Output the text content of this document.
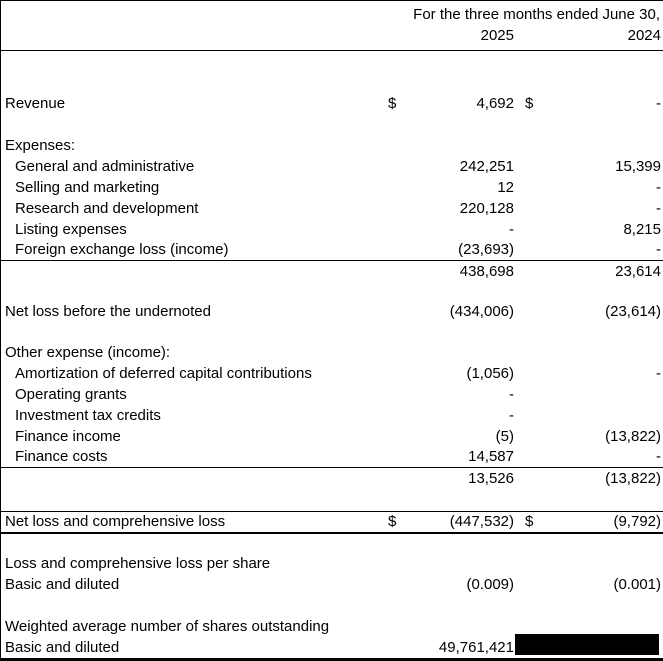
For the three months ended June 30,
2025	2024
Revenue	$	4,692 $	-
Expenses:
General and administrative	242,251	15,399
Selling and marketing	12	-
Research and development	220,128	-
Listing expenses	-	8,215
Foreign exchange loss (income)	(23,693)	-
438,698	23,614
Net loss before the undernoted	(434,006)	(23,614)
Other expense (income):
Amortization of deferred capital contributions	(1,056)	-
Operating grants	-
Investment tax credits	-
Finance income	(5)	(13,822)
Finance costs	14,587	-
13,526	(13,822)
Net loss and comprehensive loss	$	(447,532) $	(9,792)
Loss and comprehensive loss per share
Basic and diluted	(0.009)	(0.001)
Weighted average number of shares outstanding
Basic and diluted	49,761,421
